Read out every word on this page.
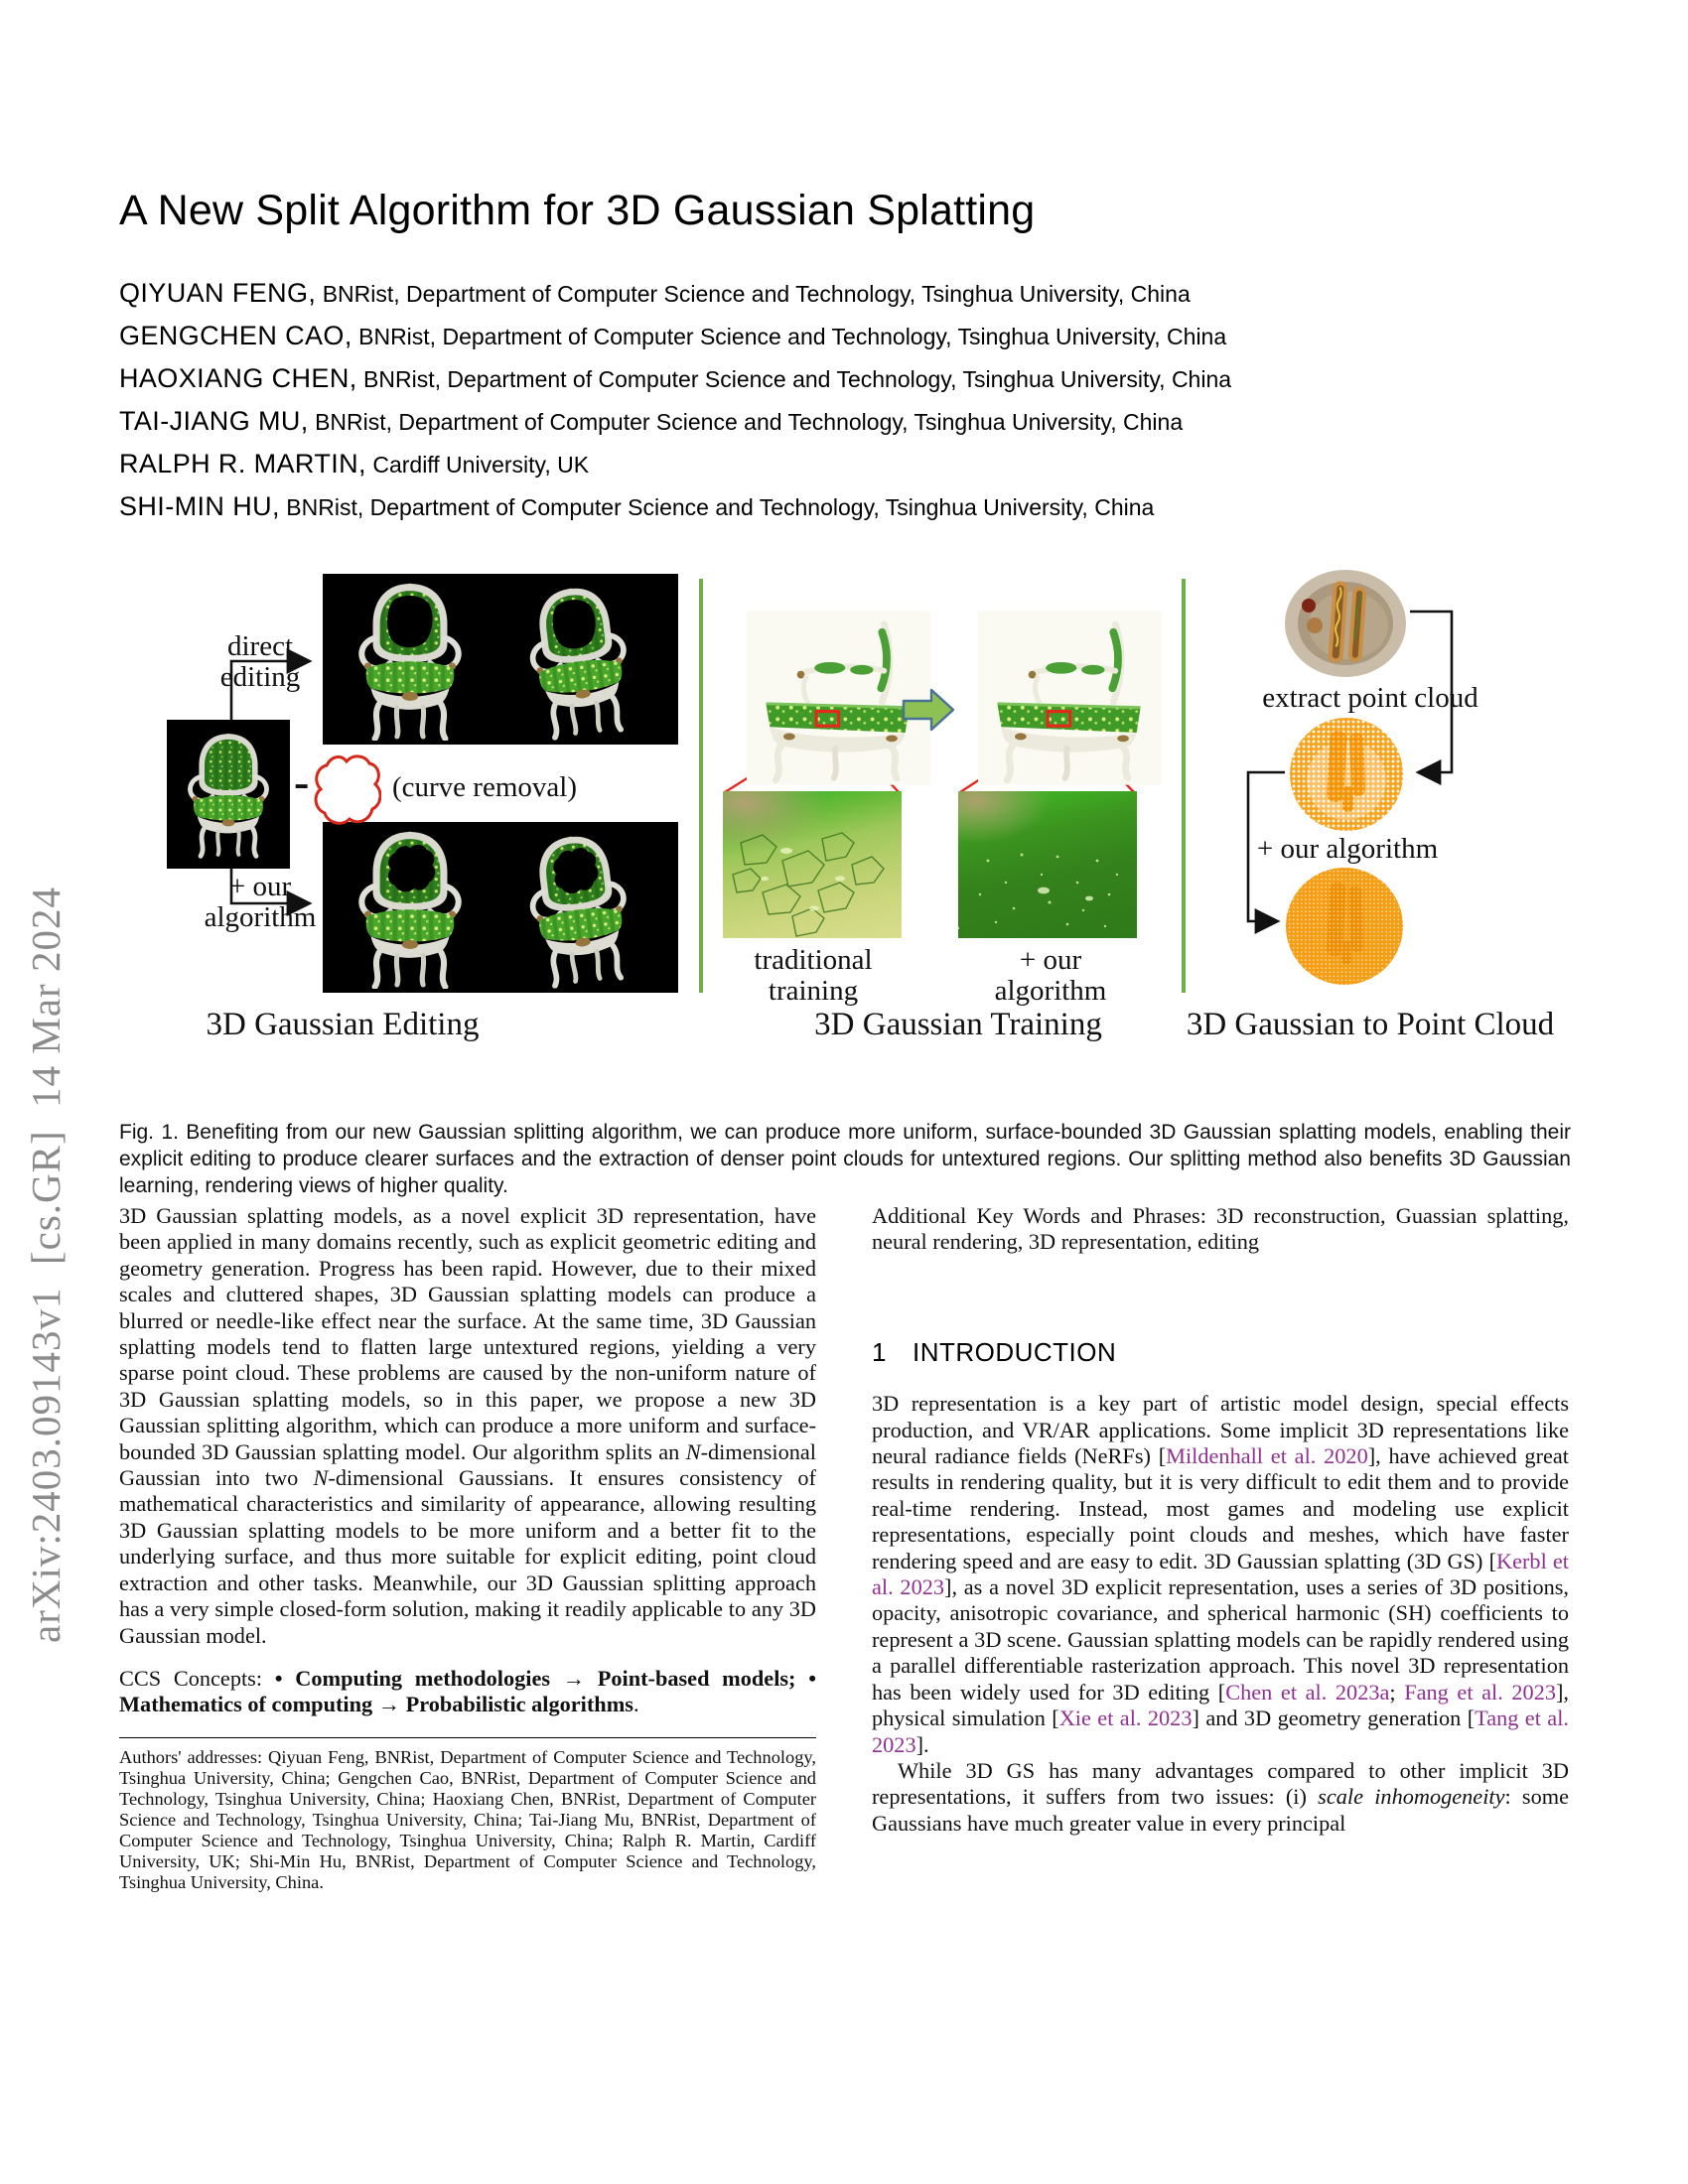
arXiv:2403.09143v1  [cs.GR]  14 Mar 2024
A New Split Algorithm for 3D Gaussian Splatting
QIYUAN FENG, BNRist, Department of Computer Science and Technology, Tsinghua University, China
GENGCHEN CAO, BNRist, Department of Computer Science and Technology, Tsinghua University, China
HAOXIANG CHEN, BNRist, Department of Computer Science and Technology, Tsinghua University, China
TAI-JIANG MU, BNRist, Department of Computer Science and Technology, Tsinghua University, China
RALPH R. MARTIN, Cardiff University, UK
SHI-MIN HU, BNRist, Department of Computer Science and Technology, Tsinghua University, China
direct
editing
-	(curve removal)
+ our
algorithm
3D Gaussian Editing
traditional training
+ our algorithm
3D Gaussian Training
extract point cloud
+ our algorithm
3D Gaussian to Point Cloud

Fig. 1. Benefiting from our new Gaussian splitting algorithm, we can produce more uniform, surface-bounded 3D Gaussian splatting models, enabling their explicit editing to produce clearer surfaces and the extraction of denser point clouds for untextured regions. Our splitting method also benefits 3D Gaussian learning, rendering views of higher quality.

3D Gaussian splatting models, as a novel explicit 3D representation, have been applied in many domains recently, such as explicit geometric editing and geometry generation. Progress has been rapid. However, due to their mixed scales and cluttered shapes, 3D Gaussian splatting models can produce a blurred or needle-like effect near the surface. At the same time, 3D Gaussian splatting models tend to flatten large untextured regions, yielding a very sparse point cloud. These problems are caused by the non-uniform nature of 3D Gaussian splatting models, so in this paper, we propose a new 3D Gaussian splitting algorithm, which can produce a more uniform and surface-bounded 3D Gaussian splatting model. Our algorithm splits an N-dimensional Gaussian into two N-dimensional Gaussians. It ensures consistency of mathematical characteristics and similarity of appearance, allowing resulting 3D Gaussian splatting models to be more uniform and a better fit to the underlying surface, and thus more suitable for explicit editing, point cloud extraction and other tasks. Meanwhile, our 3D Gaussian splitting approach has a very simple closed-form solution, making it readily applicable to any 3D Gaussian model.

CCS Concepts: • Computing methodologies → Point-based models; • Mathematics of computing → Probabilistic algorithms.

Authors' addresses: Qiyuan Feng, BNRist, Department of Computer Science and Technology, Tsinghua University, China; Gengchen Cao, BNRist, Department of Computer Science and Technology, Tsinghua University, China; Haoxiang Chen, BNRist, Department of Computer Science and Technology, Tsinghua University, China; Tai-Jiang Mu, BNRist, Department of Computer Science and Technology, Tsinghua University, China; Ralph R. Martin, Cardiff University, UK; Shi-Min Hu, BNRist, Department of Computer Science and Technology, Tsinghua University, China.

Additional Key Words and Phrases: 3D reconstruction, Guassian splatting, neural rendering, 3D representation, editing

1 INTRODUCTION

3D representation is a key part of artistic model design, special effects production, and VR/AR applications. Some implicit 3D representations like neural radiance fields (NeRFs) [Mildenhall et al. 2020], have achieved great results in rendering quality, but it is very difficult to edit them and to provide real-time rendering. Instead, most games and modeling use explicit representations, especially point clouds and meshes, which have faster rendering speed and are easy to edit. 3D Gaussian splatting (3D GS) [Kerbl et al. 2023], as a novel 3D explicit representation, uses a series of 3D positions, opacity, anisotropic covariance, and spherical harmonic (SH) coefficients to represent a 3D scene. Gaussian splatting models can be rapidly rendered using a parallel differentiable rasterization approach. This novel 3D representation has been widely used for 3D editing [Chen et al. 2023a; Fang et al. 2023], physical simulation [Xie et al. 2023] and 3D geometry generation [Tang et al. 2023].

While 3D GS has many advantages compared to other implicit 3D representations, it suffers from two issues: (i) scale inhomogeneity: some Gaussians have much greater value in every principal
